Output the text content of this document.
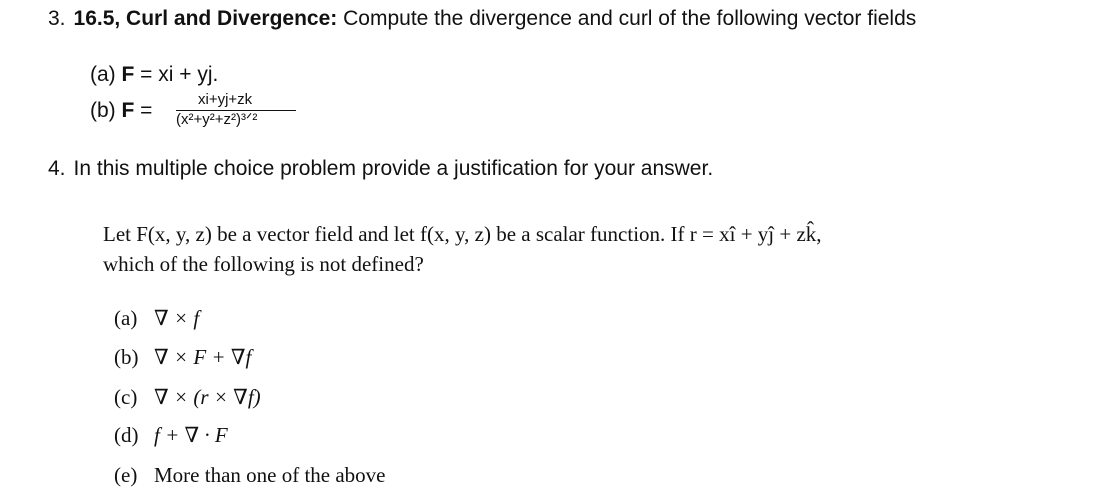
3. 16.5, Curl and Divergence: Compute the divergence and curl of the following vector fields
(a) F = xi + yj.
(b) F =	xi+yj+zk
(x²+y²+z²)³ᐟ²
4. In this multiple choice problem provide a justification for your answer.
Let F(x, y, z) be a vector field and let f(x, y, z) be a scalar function. If r = xî + yĵ + zk̂,
which of the following is not defined?
(a) ∇ × f
(b) ∇ × F + ∇f
(c) ∇ × (r × ∇f)
(d) f + ∇ · F
(e) More than one of the above
